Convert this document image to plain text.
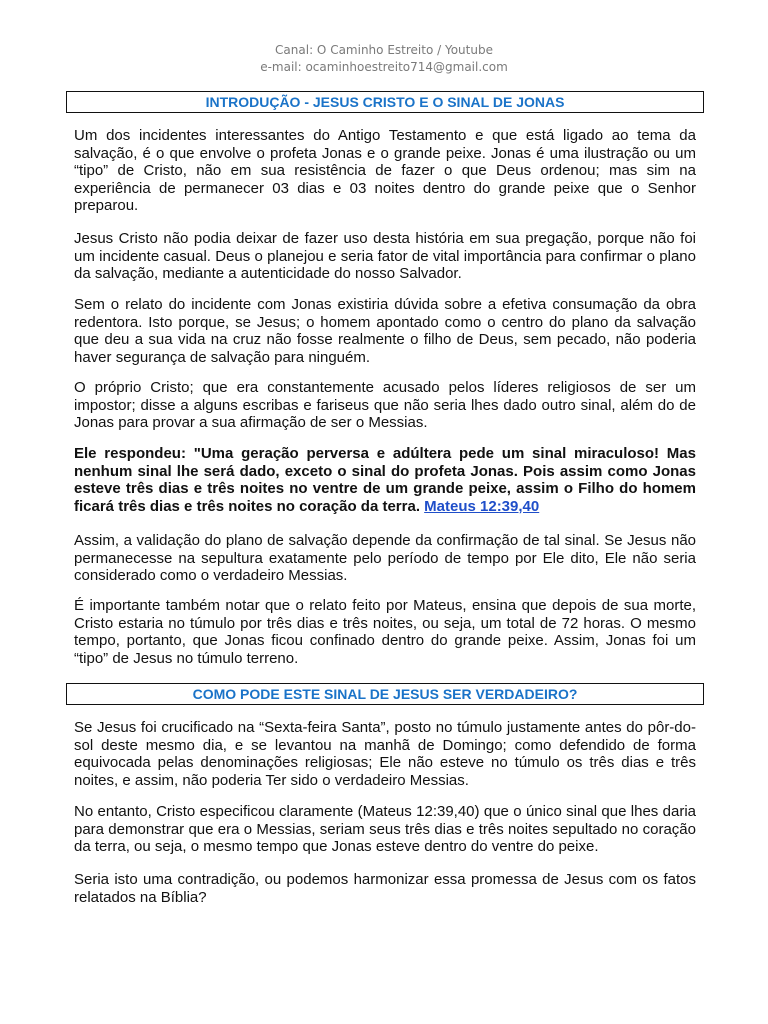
Canal: O Caminho Estreito / Youtube
e-mail: ocaminhoestreito714@gmail.com
INTRODUÇÃO - JESUS CRISTO E O SINAL DE JONAS

Um dos incidentes interessantes do Antigo Testamento e que está ligado ao tema da salvação, é o que envolve o profeta Jonas e o grande peixe. Jonas é uma ilustração ou um “tipo” de Cristo, não em sua resistência de fazer o que Deus ordenou; mas sim na experiência de permanecer 03 dias e 03 noites dentro do grande peixe que o Senhor preparou.

Jesus Cristo não podia deixar de fazer uso desta história em sua pregação, porque não foi um incidente casual. Deus o planejou e seria fator de vital importância para confirmar o plano da salvação, mediante a autenticidade do nosso Salvador.

Sem o relato do incidente com Jonas existiria dúvida sobre a efetiva consumação da obra redentora. Isto porque, se Jesus; o homem apontado como o centro do plano da salvação que deu a sua vida na cruz não fosse realmente o filho de Deus, sem pecado, não poderia haver segurança de salvação para ninguém.

O próprio Cristo; que era constantemente acusado pelos líderes religiosos de ser um impostor; disse a alguns escribas e fariseus que não seria lhes dado outro sinal, além do de Jonas para provar a sua afirmação de ser o Messias.

Ele respondeu: "Uma geração perversa e adúltera pede um sinal miraculoso! Mas nenhum sinal lhe será dado, exceto o sinal do profeta Jonas. Pois assim como Jonas esteve três dias e três noites no ventre de um grande peixe, assim o Filho do homem ficará três dias e três noites no coração da terra. Mateus 12:39,40

Assim, a validação do plano de salvação depende da confirmação de tal sinal. Se Jesus não permanecesse na sepultura exatamente pelo período de tempo por Ele dito, Ele não seria considerado como o verdadeiro Messias.

É importante também notar que o relato feito por Mateus, ensina que depois de sua morte, Cristo estaria no túmulo por três dias e três noites, ou seja, um total de 72 horas. O mesmo tempo, portanto, que Jonas ficou confinado dentro do grande peixe. Assim, Jonas foi um “tipo” de Jesus no túmulo terreno.

COMO PODE ESTE SINAL DE JESUS SER VERDADEIRO?

Se Jesus foi crucificado na “Sexta-feira Santa”, posto no túmulo justamente antes do pôr-do-sol deste mesmo dia, e se levantou na manhã de Domingo; como defendido de forma equivocada pelas denominações religiosas; Ele não esteve no túmulo os três dias e três noites, e assim, não poderia Ter sido o verdadeiro Messias.

No entanto, Cristo especificou claramente (Mateus 12:39,40) que o único sinal que lhes daria para demonstrar que era o Messias, seriam seus três dias e três noites sepultado no coração da terra, ou seja, o mesmo tempo que Jonas esteve dentro do ventre do peixe.

Seria isto uma contradição, ou podemos harmonizar essa promessa de Jesus com os fatos relatados na Bíblia?
